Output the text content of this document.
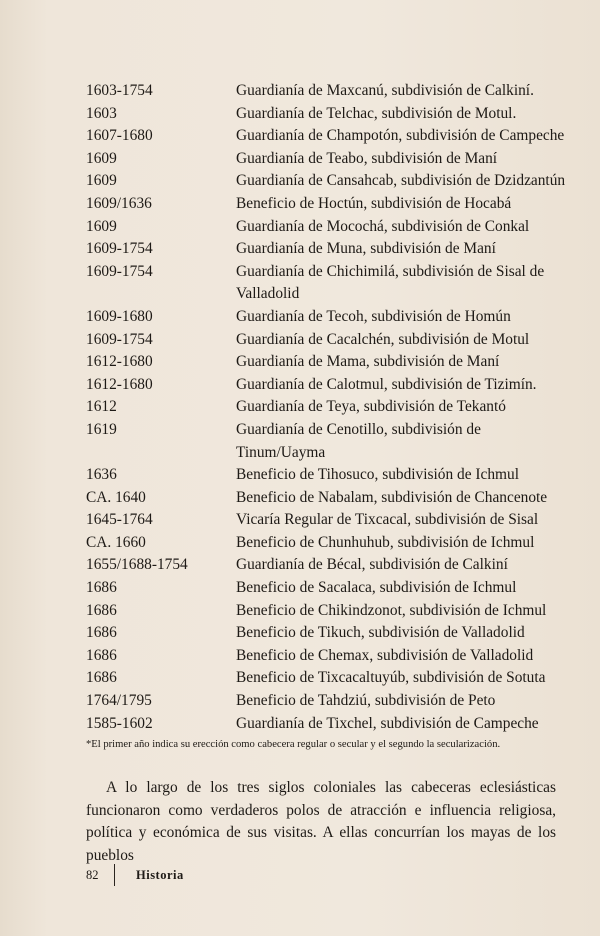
1603-1754	Guardianía de Maxcanú, subdivisión de Calkiní.
1603	Guardianía de Telchac, subdivisión de Motul.
1607-1680	Guardianía de Champotón, subdivisión de Campeche
1609	Guardianía de Teabo, subdivisión de Maní
1609	Guardianía de Cansahcab, subdivisión de Dzidzantún
1609/1636	Beneficio de Hoctún, subdivisión de Hocabá
1609	Guardianía de Mocochá, subdivisión de Conkal
1609-1754	Guardianía de Muna, subdivisión de Maní
1609-1754	Guardianía de Chichimilá, subdivisión de Sisal de Valladolid
1609-1680	Guardianía de Tecoh, subdivisión de Homún
1609-1754	Guardianía de Cacalchén, subdivisión de Motul
1612-1680	Guardianía de Mama, subdivisión de Maní
1612-1680	Guardianía de Calotmul, subdivisión de Tizimín.
1612	Guardianía de Teya, subdivisión de Tekantó
1619	Guardianía de Cenotillo, subdivisión de Tinum/Uayma
1636	Beneficio de Tihosuco, subdivisión de Ichmul
CA. 1640	Beneficio de Nabalam, subdivisión de Chancenote
1645-1764	Vicaría Regular de Tixcacal, subdivisión de Sisal
CA. 1660	Beneficio de Chunhuhub, subdivisión de Ichmul
1655/1688-1754	Guardianía de Bécal, subdivisión de Calkiní
1686	Beneficio de Sacalaca, subdivisión de Ichmul
1686	Beneficio de Chikindzonot, subdivisión de Ichmul
1686	Beneficio de Tikuch, subdivisión de Valladolid
1686	Beneficio de Chemax, subdivisión de Valladolid
1686	Beneficio de Tixcacaltuyúb, subdivisión de Sotuta
1764/1795	Beneficio de Tahdziú, subdivisión de Peto
1585-1602	Guardianía de Tixchel, subdivisión de Campeche
*El primer año indica su erección como cabecera regular o secular y el segundo la secularización.

A lo largo de los tres siglos coloniales las cabeceras eclesiásticas funcionaron como verdaderos polos de atracción e influencia religiosa, política y económica de sus visitas. A ellas concurrían los mayas de los pueblos

82	Historia
